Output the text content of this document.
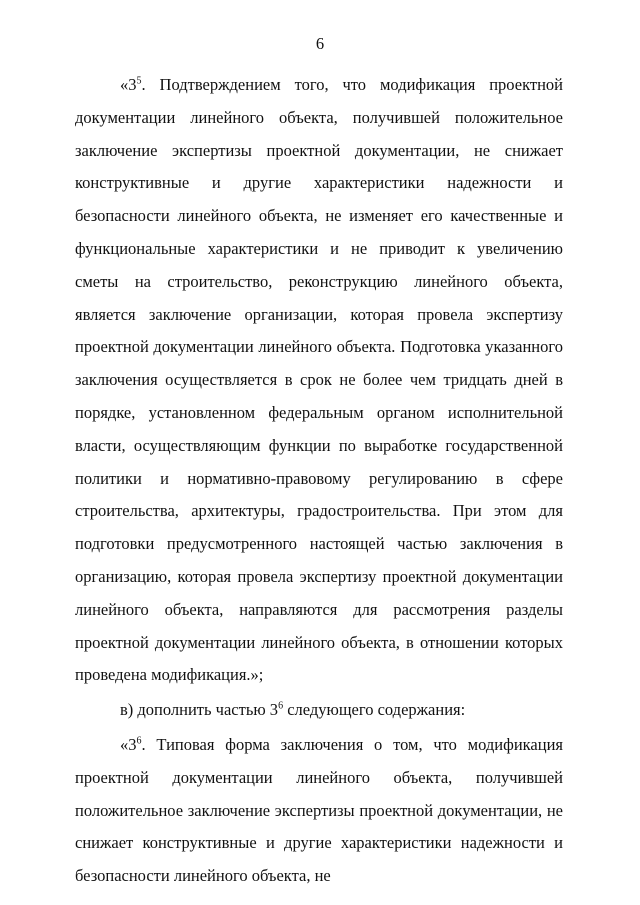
6

«$3^5$. Подтверждением того, что модификация проектной документации линейного объекта, получившей положительное заключение экспертизы проектной документации, не снижает конструктивные и другие характеристики надежности и безопасности линейного объекта, не изменяет его качественные и функциональные характеристики и не приводит к увеличению сметы на строительство, реконструкцию линейного объекта, является заключение организации, которая провела экспертизу проектной документации линейного объекта. Подготовка указанного заключения осуществляется в срок не более чем тридцать дней в порядке, установленном федеральным органом исполнительной власти, осуществляющим функции по выработке государственной политики и нормативно-правовому регулированию в сфере строительства, архитектуры, градостроительства. При этом для подготовки предусмотренного настоящей частью заключения в организацию, которая провела экспертизу проектной документации линейного объекта, направляются для рассмотрения разделы проектной документации линейного объекта, в отношении которых проведена модификация.»;

в) дополнить частью $3^6$ следующего содержания:

«$3^6$. Типовая форма заключения о том, что модификация проектной документации линейного объекта, получившей положительное заключение экспертизы проектной документации, не снижает конструктивные и другие характеристики надежности и безопасности линейного объекта, не
